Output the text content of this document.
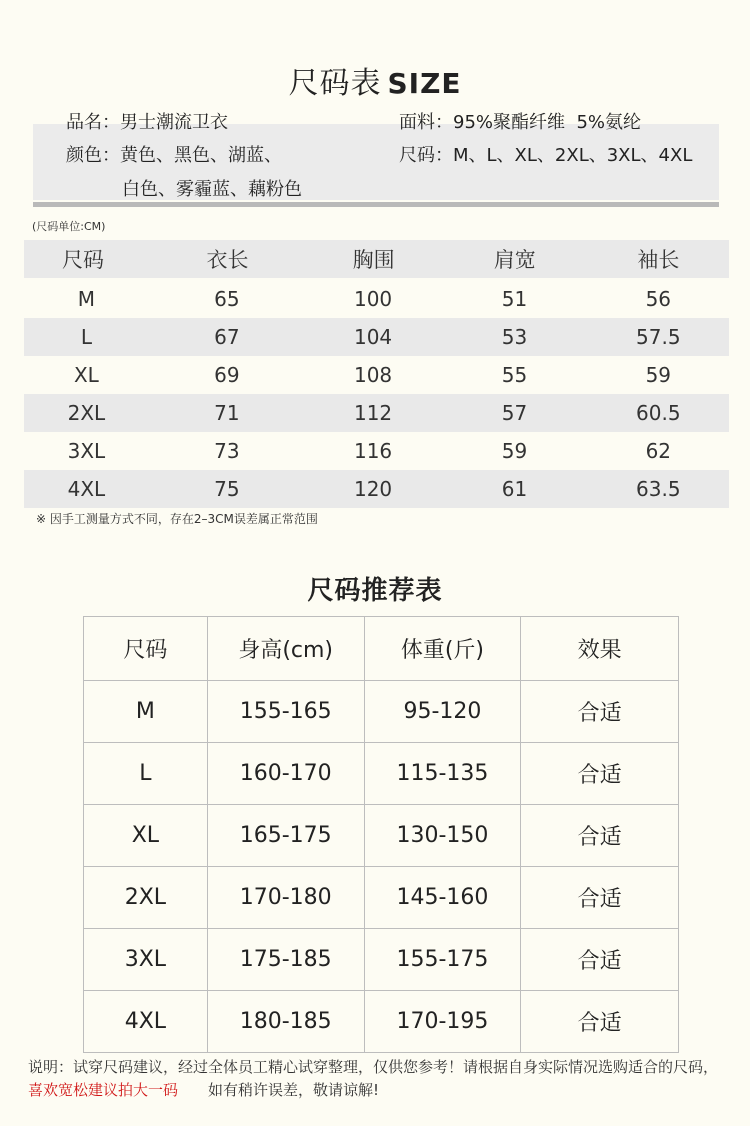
尺码表 SIZE
品名：男士潮流卫衣	面料：95%聚酯纤维  5%氨纶
颜色：黄色、黑色、湖蓝、
白色、雾霾蓝、藕粉色
尺码：M、L、XL、2XL、3XL、4XL
(尺码单位:CM)
尺码	衣长	胸围	肩宽	袖长
M	65	100	51	56
L	67	104	53	57.5
XL	69	108	55	59
2XL	71	112	57	60.5
3XL	73	116	59	62
4XL	75	120	61	63.5
※ 因手工测量方式不同，存在2–3CM误差属正常范围
尺码推荐表
尺码	身高(cm)	体重(斤)	效果
M	155-165	95-120	合适
L	160-170	115-135	合适
XL	165-175	130-150	合适
2XL	170-180	145-160	合适
3XL	175-185	155-175	合适
4XL	180-185	170-195	合适
说明：试穿尺码建议，经过全体员工精心试穿整理，仅供您参考！请根据自身实际情况选购适合的尺码，喜欢宽松建议拍大一码 如有稍许误差，敬请谅解!
